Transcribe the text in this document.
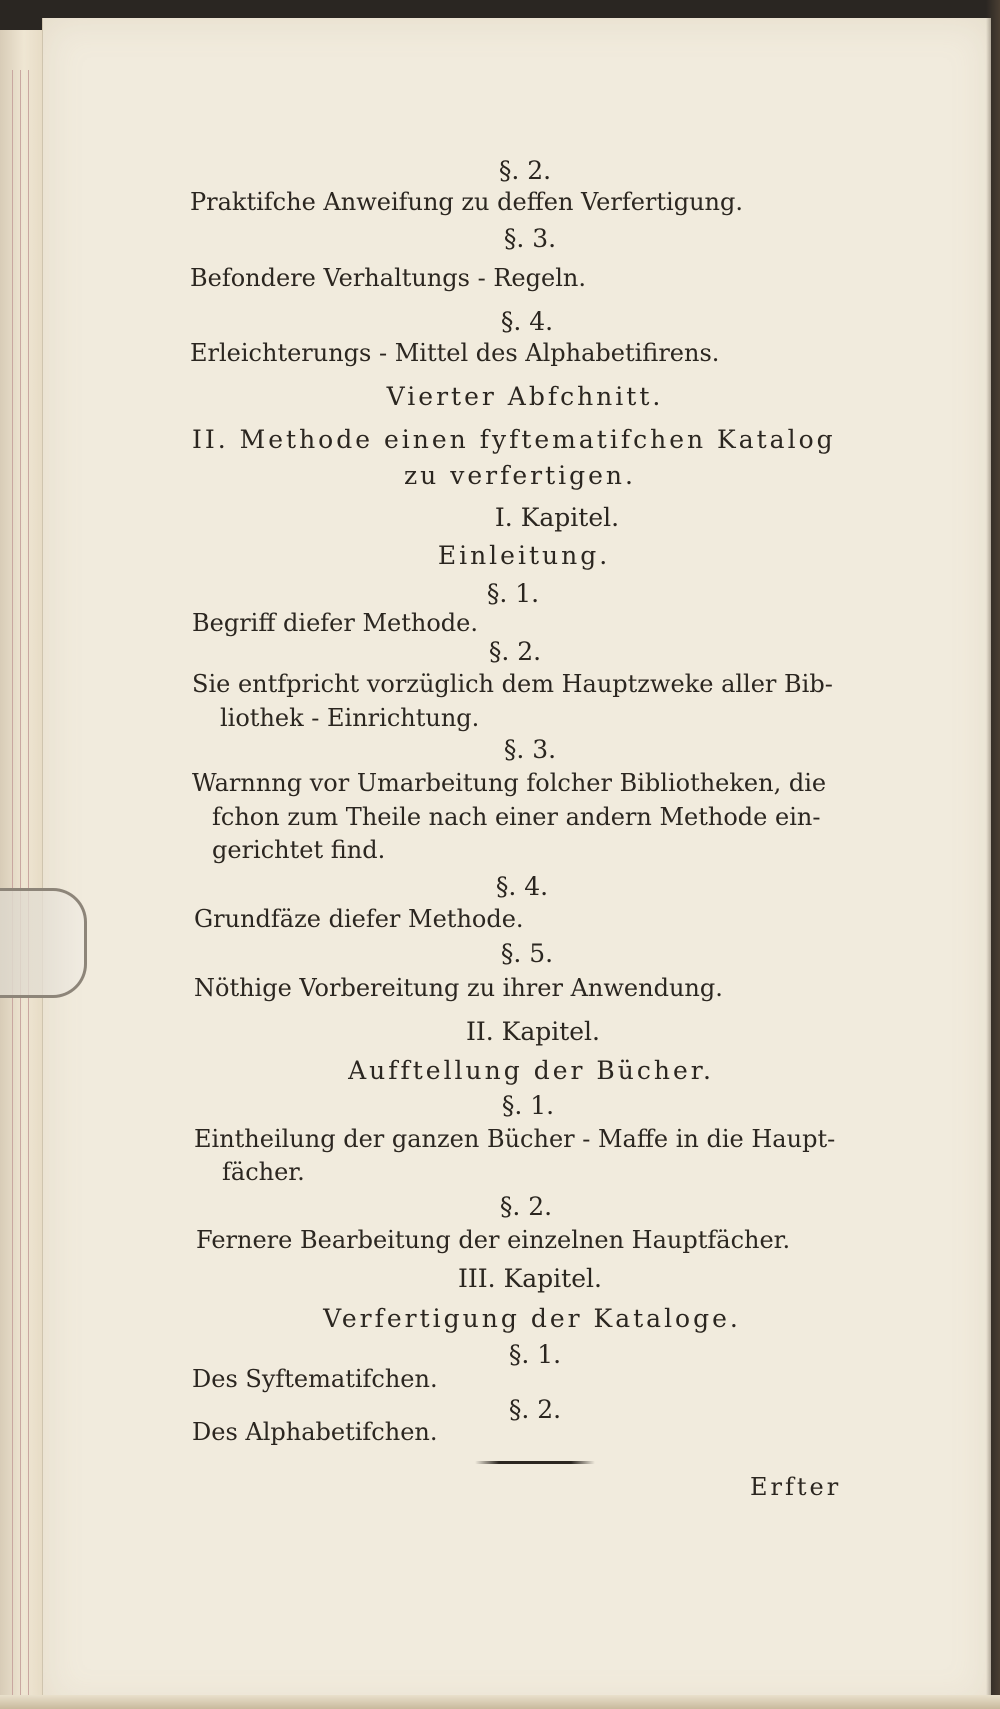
§. 2.
Praktifche Anweifung zu deffen Verfertigung.
§. 3.
Befondere Verhaltungs - Regeln.
§. 4.
Erleichterungs - Mittel des Alphabetifirens.
Vierter Abfchnitt.
II. Methode einen fyftematifchen Katalog
zu verfertigen.
I. Kapitel.
Einleitung.
§. 1.
Begriff diefer Methode.
§. 2.
Sie entfpricht vorzüglich dem Hauptzweke aller Bib-
liothek - Einrichtung.
§. 3.
Warnnng vor Umarbeitung folcher Bibliotheken, die
fchon zum Theile nach einer andern Methode ein-
gerichtet find.
§. 4.
Grundfäze diefer Methode.
§. 5.
Nöthige Vorbereitung zu ihrer Anwendung.
II. Kapitel.
Aufftellung der Bücher.
§. 1.
Eintheilung der ganzen Bücher - Maffe in die Haupt-
fächer.
§. 2.
Fernere Bearbeitung der einzelnen Hauptfächer.
III. Kapitel.
Verfertigung der Kataloge.
§. 1.
Des Syftematifchen.
§. 2.
Des Alphabetifchen.
Erfter
